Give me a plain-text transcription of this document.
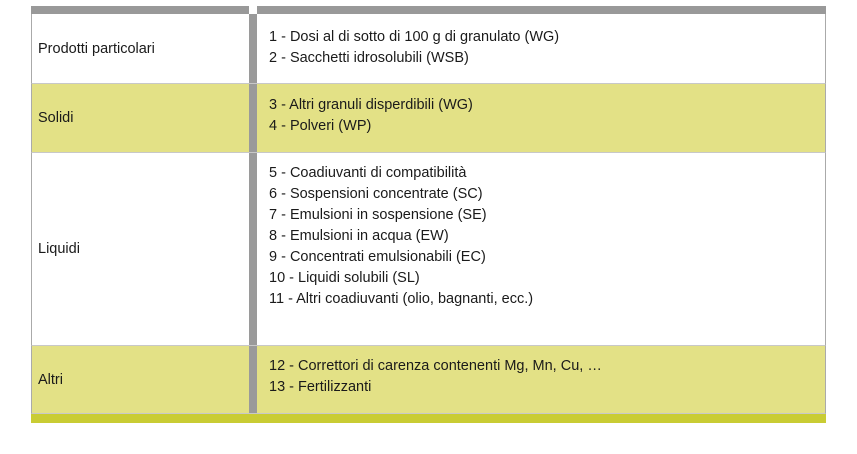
Prodotti particolari
1 - Dosi al di sotto di 100 g di granulato (WG)
2 - Sacchetti idrosolubili (WSB)
Solidi
3 - Altri granuli disperdibili (WG)
4 - Polveri (WP)
Liquidi
5 - Coadiuvanti di compatibilità
6 - Sospensioni concentrate (SC)
7 - Emulsioni in sospensione (SE)
8 - Emulsioni in acqua (EW)
9 - Concentrati emulsionabili (EC)
10 - Liquidi solubili (SL)
11 - Altri coadiuvanti (olio, bagnanti, ecc.)
Altri
12 - Correttori di carenza contenenti Mg, Mn, Cu, …
13 - Fertilizzanti
